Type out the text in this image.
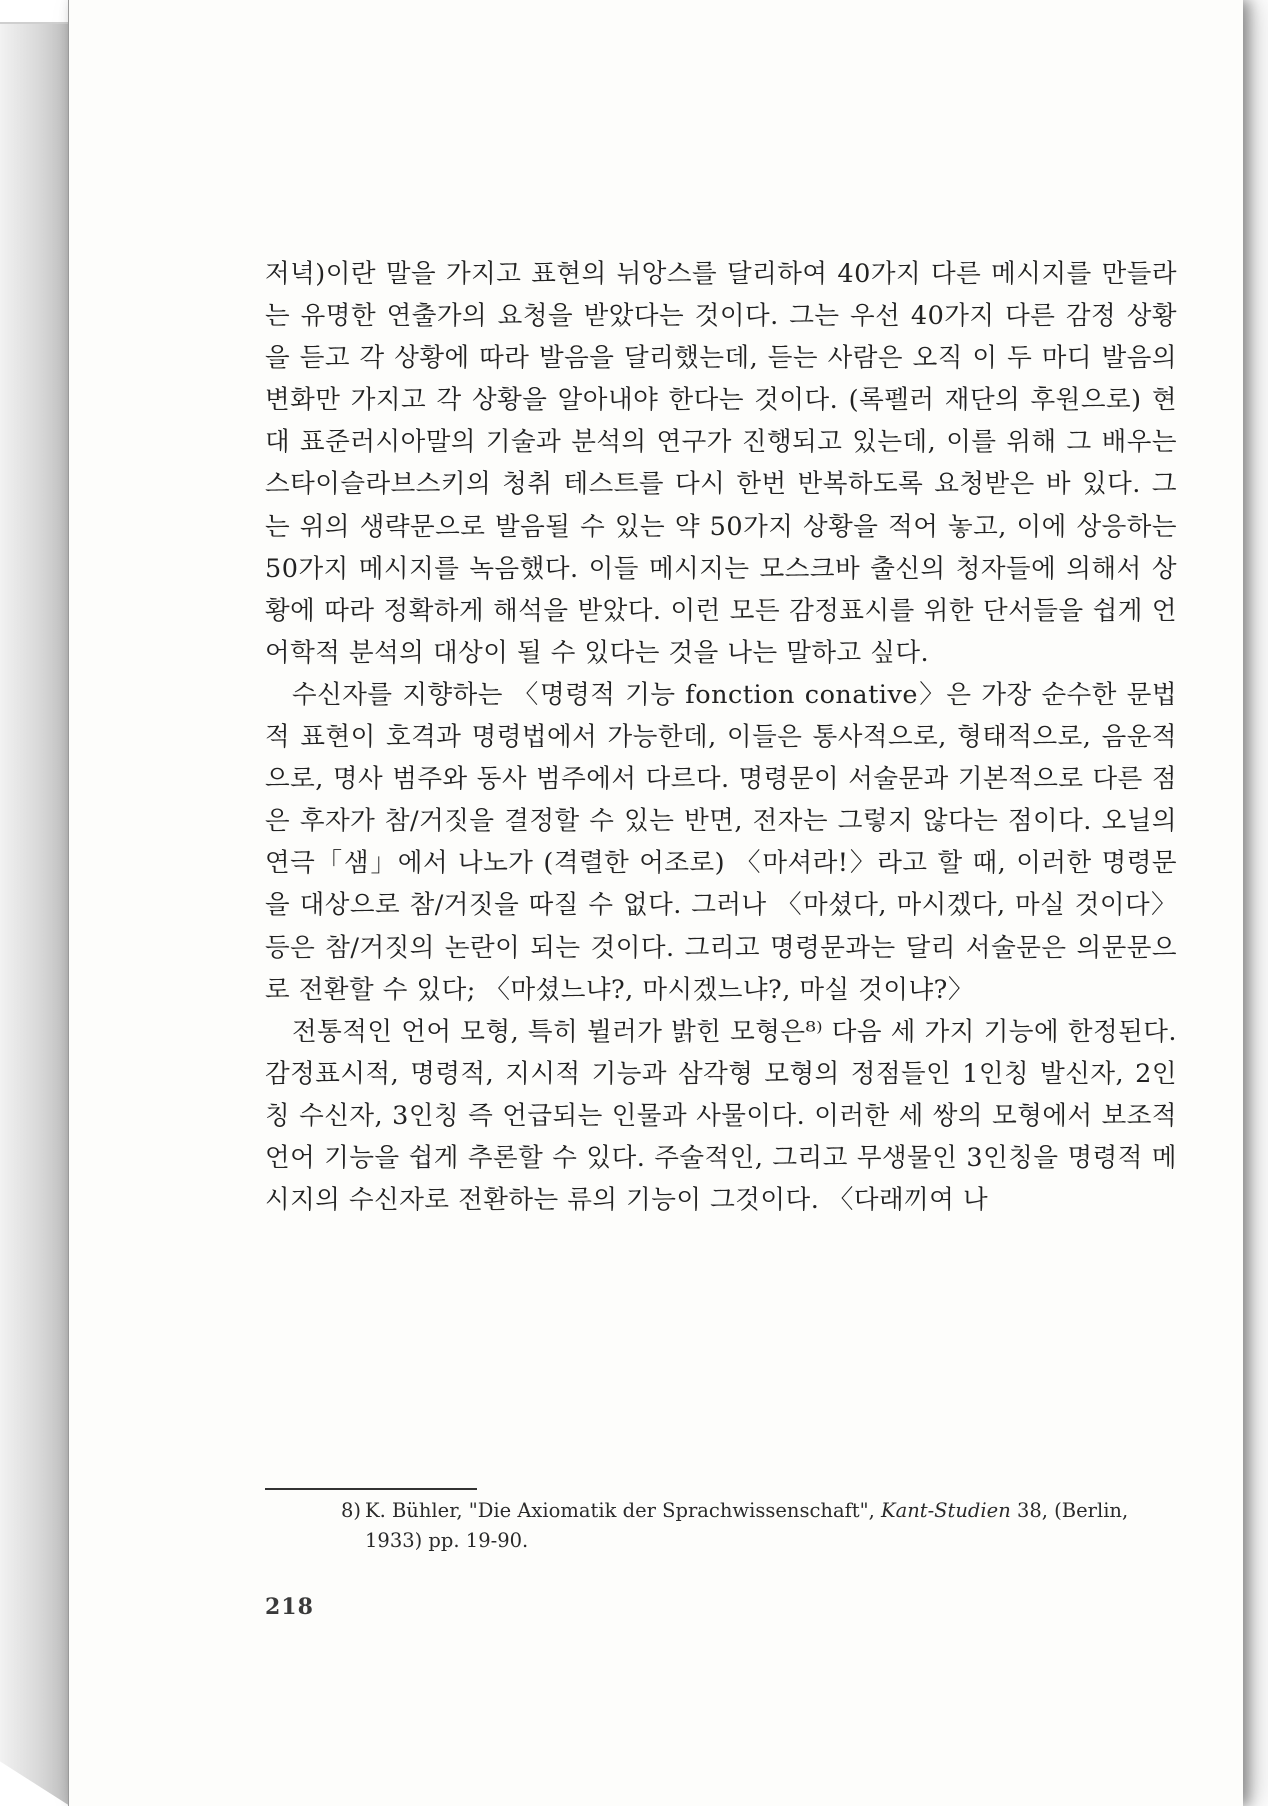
저녁)이란 말을 가지고 표현의 뉘앙스를 달리하여 40가지 다른 메시지를 만들라는 유명한 연출가의 요청을 받았다는 것이다. 그는 우선 40가지 다른 감정 상황을 듣고 각 상황에 따라 발음을 달리했는데, 듣는 사람은 오직 이 두 마디 발음의 변화만 가지고 각 상황을 알아내야 한다는 것이다. (록펠러 재단의 후원으로) 현대 표준러시아말의 기술과 분석의 연구가 진행되고 있는데, 이를 위해 그 배우는 스타이슬라브스키의 청취 테스트를 다시 한번 반복하도록 요청받은 바 있다. 그는 위의 생략문으로 발음될 수 있는 약 50가지 상황을 적어 놓고, 이에 상응하는 50가지 메시지를 녹음했다. 이들 메시지는 모스크바 출신의 청자들에 의해서 상황에 따라 정확하게 해석을 받았다. 이런 모든 감정표시를 위한 단서들을 쉽게 언어학적 분석의 대상이 될 수 있다는 것을 나는 말하고 싶다.

수신자를 지향하는 〈명령적 기능 fonction conative〉은 가장 순수한 문법적 표현이 호격과 명령법에서 가능한데, 이들은 통사적으로, 형태적으로, 음운적으로, 명사 범주와 동사 범주에서 다르다. 명령문이 서술문과 기본적으로 다른 점은 후자가 참/거짓을 결정할 수 있는 반면, 전자는 그렇지 않다는 점이다. 오닐의 연극「샘」에서 나노가 (격렬한 어조로) 〈마셔라!〉라고 할 때, 이러한 명령문을 대상으로 참/거짓을 따질 수 없다. 그러나 〈마셨다, 마시겠다, 마실 것이다〉 등은 참/거짓의 논란이 되는 것이다. 그리고 명령문과는 달리 서술문은 의문문으로 전환할 수 있다; 〈마셨느냐?, 마시겠느냐?, 마실 것이냐?〉

전통적인 언어 모형, 특히 뷜러가 밝힌 모형은⁸⁾ 다음 세 가지 기능에 한정된다. 감정표시적, 명령적, 지시적 기능과 삼각형 모형의 정점들인 1인칭 발신자, 2인칭 수신자, 3인칭 즉 언급되는 인물과 사물이다. 이러한 세 쌍의 모형에서 보조적 언어 기능을 쉽게 추론할 수 있다. 주술적인, 그리고 무생물인 3인칭을 명령적 메시지의 수신자로 전환하는 류의 기능이 그것이다. 〈다래끼여 나

8) K. Bühler, "Die Axiomatik der Sprachwissenschaft", Kant-Studien 38, (Berlin, 1933) pp. 19-90.
218
